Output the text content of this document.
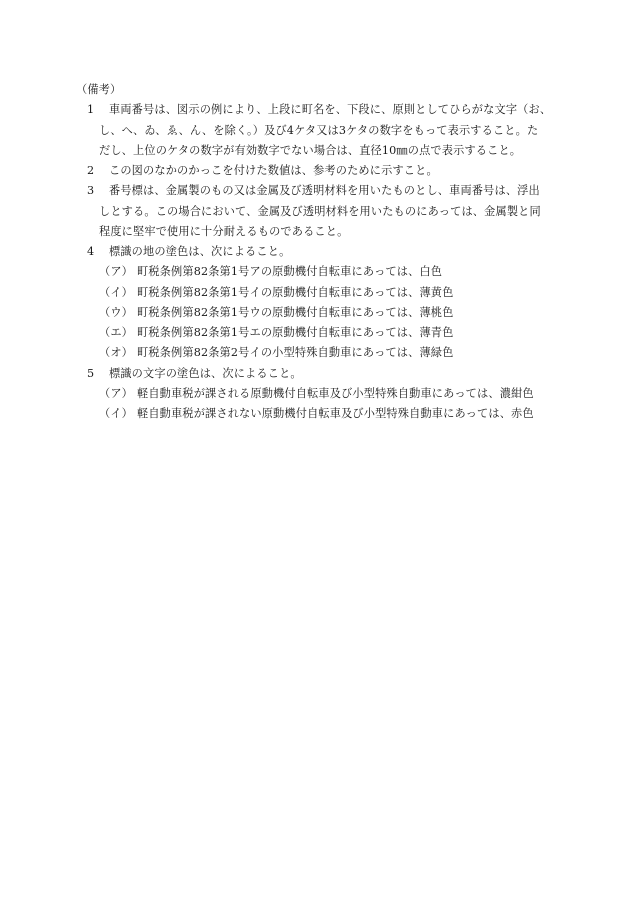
（備考）
1 車両番号は、図示の例により、上段に町名を、下段に、原則としてひらがな文字（お、
し、へ、ゐ、ゑ、ん、を除く。）及び4ケタ又は3ケタの数字をもって表示すること。た
だし、上位のケタの数字が有効数字でない場合は、直径10㎜の点で表示すること。
2 この図のなかのかっこを付けた数値は、参考のために示すこと。
3 番号標は、金属製のもの又は金属及び透明材料を用いたものとし、車両番号は、浮出
しとする。この場合において、金属及び透明材料を用いたものにあっては、金属製と同
程度に堅牢で使用に十分耐えるものであること。
4 標識の地の塗色は、次によること。
（ア） 町税条例第82条第1号アの原動機付自転車にあっては、白色
（イ） 町税条例第82条第1号イの原動機付自転車にあっては、薄黄色
（ウ） 町税条例第82条第1号ウの原動機付自転車にあっては、薄桃色
（エ） 町税条例第82条第1号エの原動機付自転車にあっては、薄青色
（オ） 町税条例第82条第2号イの小型特殊自動車にあっては、薄緑色
5 標識の文字の塗色は、次によること。
（ア） 軽自動車税が課される原動機付自転車及び小型特殊自動車にあっては、濃紺色
（イ） 軽自動車税が課されない原動機付自転車及び小型特殊自動車にあっては、赤色
